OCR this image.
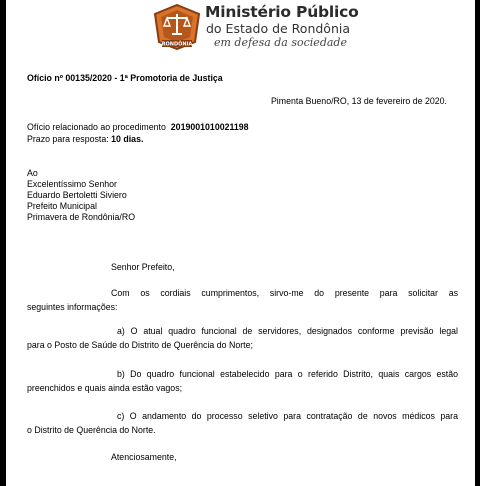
RONDÔNIA
Ministério Público
do Estado de Rondônia
em defesa da sociedade
Ofício nº 00135/2020 - 1ª Promotoria de Justiça
Pimenta Bueno/RO, 13 de fevereiro de 2020.
Ofício relacionado ao procedimento 2019001010021198
Prazo para resposta: 10 dias.
Ao
Excelentíssimo Senhor
Eduardo Bertoletti Siviero
Prefeito Municipal
Primavera de Rondônia/RO
Senhor Prefeito,
Com os cordiais cumprimentos, sirvo-me do presente para solicitar as
seguintes informações:
a) O atual quadro funcional de servidores, designados conforme previsão legal
para o Posto de Saúde do Distrito de Querência do Norte;
b) Do quadro funcional estabelecido para o referido Distrito, quais cargos estão
preenchidos e quais ainda estão vagos;
c) O andamento do processo seletivo para contratação de novos médicos para
o Distrito de Querência do Norte.
Atenciosamente,
